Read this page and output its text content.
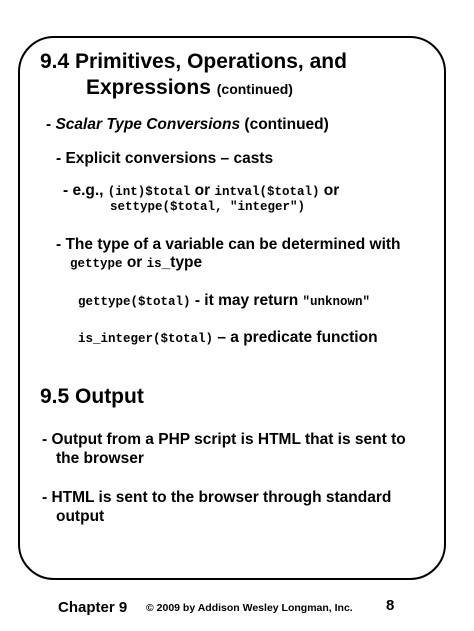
9.4 Primitives, Operations, and
Expressions (continued)
- Scalar Type Conversions (continued)
- Explicit conversions – casts
- e.g., (int)$total or intval($total) or
settype($total, "integer")
- The type of a variable can be determined with
gettype or is_type
gettype($total) - it may return "unknown"
is_integer($total) – a predicate function
9.5 Output
- Output from a PHP script is HTML that is sent to
the browser
- HTML is sent to the browser through standard
output
Chapter 9 © 2009 by Addison Wesley Longman, Inc. 8
